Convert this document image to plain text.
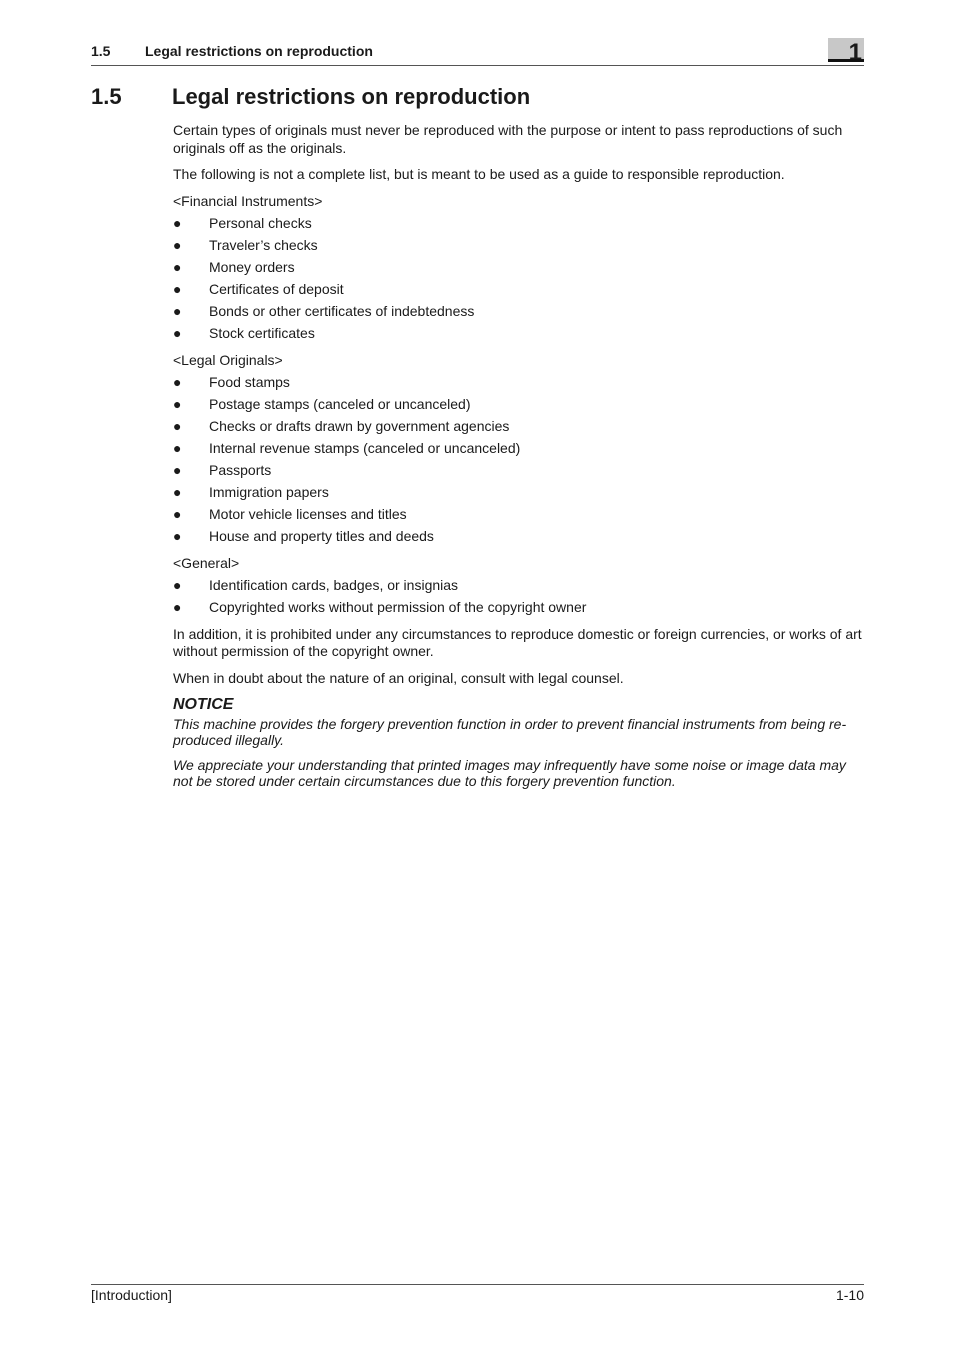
1.5 Legal restrictions on reproduction	1
1.5 Legal restrictions on reproduction

Certain types of originals must never be reproduced with the purpose or intent to pass reproductions of such originals off as the originals.

The following is not a complete list, but is meant to be used as a guide to responsible reproduction.

<Financial Instruments>

● Personal checks
● Traveler’s checks
● Money orders
● Certificates of deposit
● Bonds or other certificates of indebtedness
● Stock certificates

<Legal Originals>

● Food stamps
● Postage stamps (canceled or uncanceled)
● Checks or drafts drawn by government agencies
● Internal revenue stamps (canceled or uncanceled)
● Passports
● Immigration papers
● Motor vehicle licenses and titles
● House and property titles and deeds

<General>

● Identification cards, badges, or insignias
● Copyrighted works without permission of the copyright owner

In addition, it is prohibited under any circumstances to reproduce domestic or foreign currencies, or works of art without permission of the copyright owner.

When in doubt about the nature of an original, consult with legal counsel.

NOTICE

This machine provides the forgery prevention function in order to prevent financial instruments from being re-produced illegally.

We appreciate your understanding that printed images may infrequently have some noise or image data may not be stored under certain circumstances due to this forgery prevention function.

[Introduction]	1-10
